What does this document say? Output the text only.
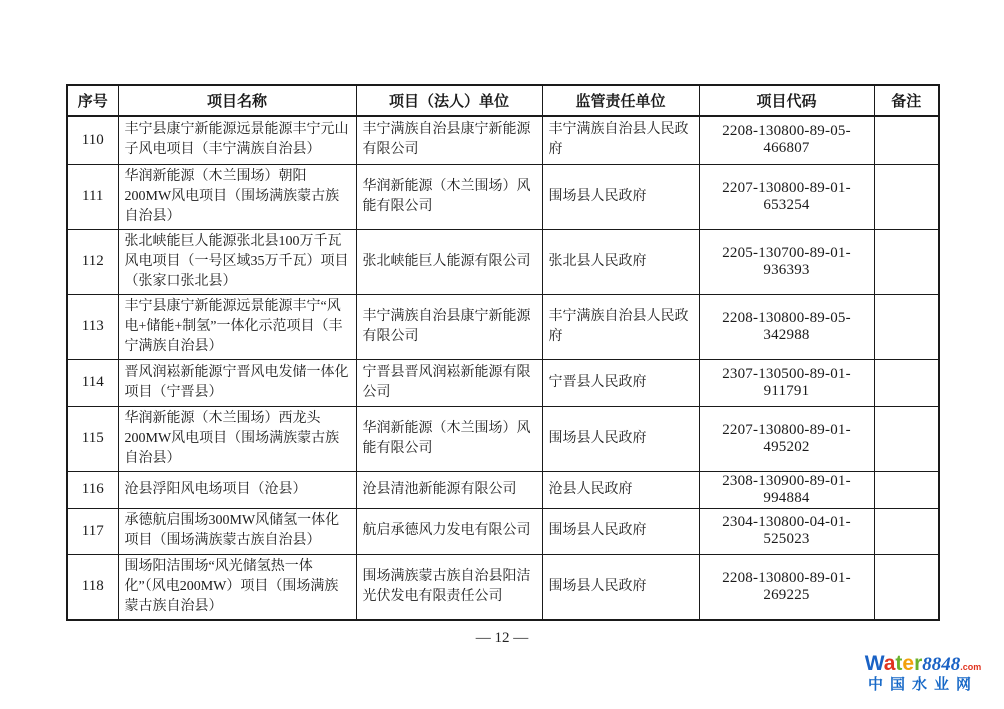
序号	项目名称	项目（法人）单位	监管责任单位	项目代码	备注
110	丰宁县康宁新能源远景能源丰宁元山子风电项目（丰宁满族自治县）	丰宁满族自治县康宁新能源有限公司	丰宁满族自治县人民政府	2208-130800-89-05-466807	
111	华润新能源（木兰围场）朝阳200MW风电项目（围场满族蒙古族自治县）	华润新能源（木兰围场）风能有限公司	围场县人民政府	2207-130800-89-01-653254	
112	张北峡能巨人能源张北县100万千瓦风电项目（一号区域35万千瓦）项目（张家口张北县）	张北峡能巨人能源有限公司	张北县人民政府	2205-130700-89-01-936393	
113	丰宁县康宁新能源远景能源丰宁“风电+储能+制氢”一体化示范项目（丰宁满族自治县）	丰宁满族自治县康宁新能源有限公司	丰宁满族自治县人民政府	2208-130800-89-05-342988	
114	晋风润崧新能源宁晋风电发储一体化项目（宁晋县）	宁晋县晋风润崧新能源有限公司	宁晋县人民政府	2307-130500-89-01-911791	
115	华润新能源（木兰围场）西龙头200MW风电项目（围场满族蒙古族自治县）	华润新能源（木兰围场）风能有限公司	围场县人民政府	2207-130800-89-01-495202	
116	沧县浮阳风电场项目（沧县）	沧县清池新能源有限公司	沧县人民政府	2308-130900-89-01-994884	
117	承德航启围场300MW风储氢一体化项目（围场满族蒙古族自治县）	航启承德风力发电有限公司	围场县人民政府	2304-130800-04-01-525023	
118	围场阳洁围场“风光储氢热一体化”（风电200MW）项目（围场满族蒙古族自治县）	围场满族蒙古族自治县阳洁光伏发电有限责任公司	围场县人民政府	2208-130800-89-01-269225	
— 12 —
Water8848.com
中国水业网
